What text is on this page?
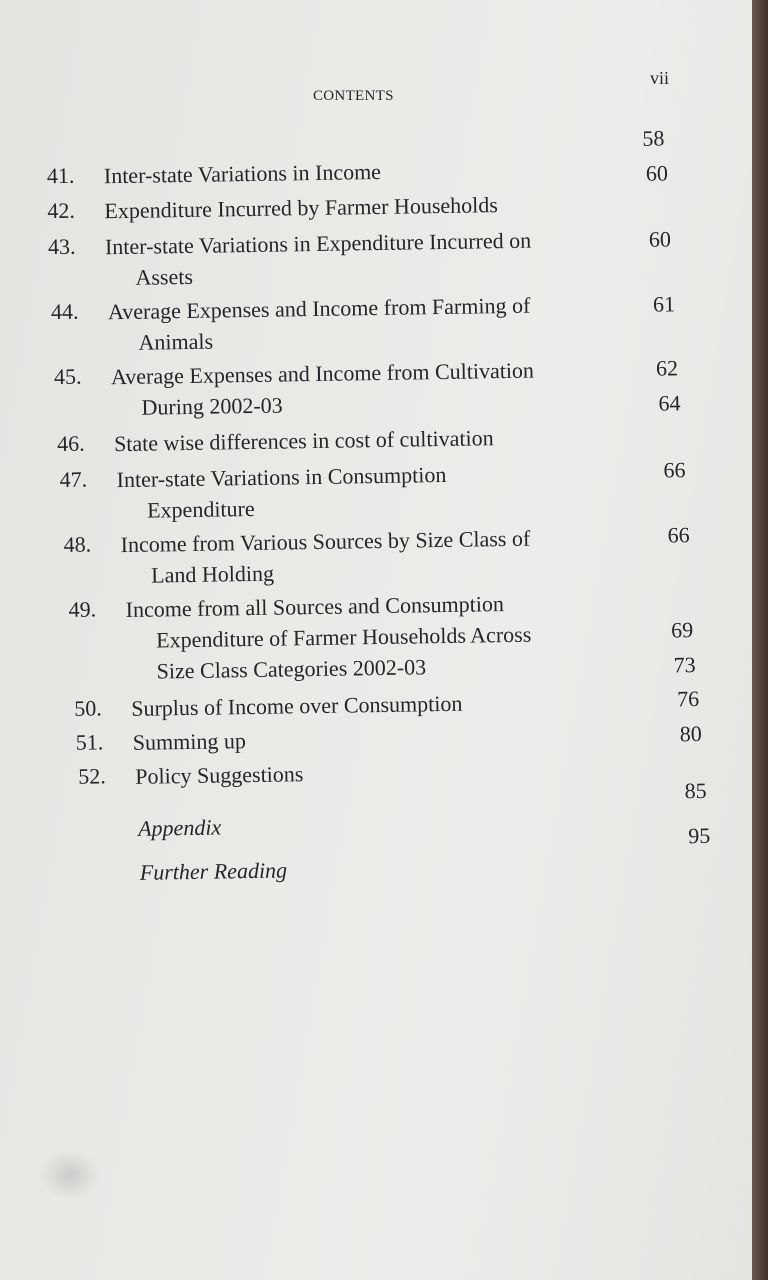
CONTENTS
vii
41. Inter-state Variations in Income
58
42. Expenditure Incurred by Farmer Households
60
43. Inter-state Variations in Expenditure Incurred on
Assets
60
44. Average Expenses and Income from Farming of
Animals
61
45. Average Expenses and Income from Cultivation
During 2002-03
62
46. State wise differences in cost of cultivation
64
47. Inter-state Variations in Consumption
Expenditure
66
48. Income from Various Sources by Size Class of
Land Holding
66
49. Income from all Sources and Consumption
Expenditure of Farmer Households Across
Size Class Categories 2002-03
69
50. Surplus of Income over Consumption
73
51. Summing up
76
52. Policy Suggestions
80
Appendix
85
Further Reading
95
